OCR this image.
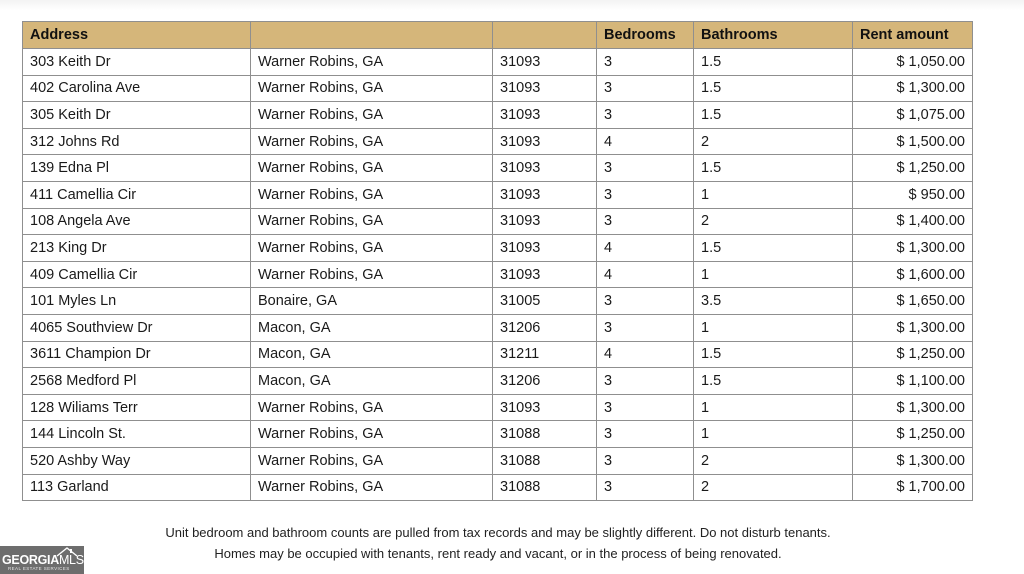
Address			Bedrooms	Bathrooms	Rent amount
303 Keith Dr	Warner Robins, GA	31093	3	1.5	$ 1,050.00
402 Carolina Ave	Warner Robins, GA	31093	3	1.5	$ 1,300.00
305 Keith Dr	Warner Robins, GA	31093	3	1.5	$ 1,075.00
312 Johns Rd	Warner Robins, GA	31093	4	2	$ 1,500.00
139 Edna Pl	Warner Robins, GA	31093	3	1.5	$ 1,250.00
411 Camellia Cir	Warner Robins, GA	31093	3	1	$ 950.00
108 Angela Ave	Warner Robins, GA	31093	3	2	$ 1,400.00
213 King Dr	Warner Robins, GA	31093	4	1.5	$ 1,300.00
409 Camellia Cir	Warner Robins, GA	31093	4	1	$ 1,600.00
101 Myles Ln	Bonaire, GA	31005	3	3.5	$ 1,650.00
4065 Southview Dr	Macon, GA	31206	3	1	$ 1,300.00
3611 Champion Dr	Macon, GA	31211	4	1.5	$ 1,250.00
2568 Medford Pl	Macon, GA	31206	3	1.5	$ 1,100.00
128 Wiliams Terr	Warner Robins, GA	31093	3	1	$ 1,300.00
144 Lincoln St.	Warner Robins, GA	31088	3	1	$ 1,250.00
520 Ashby Way	Warner Robins, GA	31088	3	2	$ 1,300.00
113 Garland	Warner Robins, GA	31088	3	2	$ 1,700.00
Unit bedroom and bathroom counts are pulled from tax records and may be slightly different. Do not disturb tenants.
Homes may be occupied with tenants, rent ready and vacant, or in the process of being renovated.
GEORGIAMLS
REAL ESTATE SERVICES
